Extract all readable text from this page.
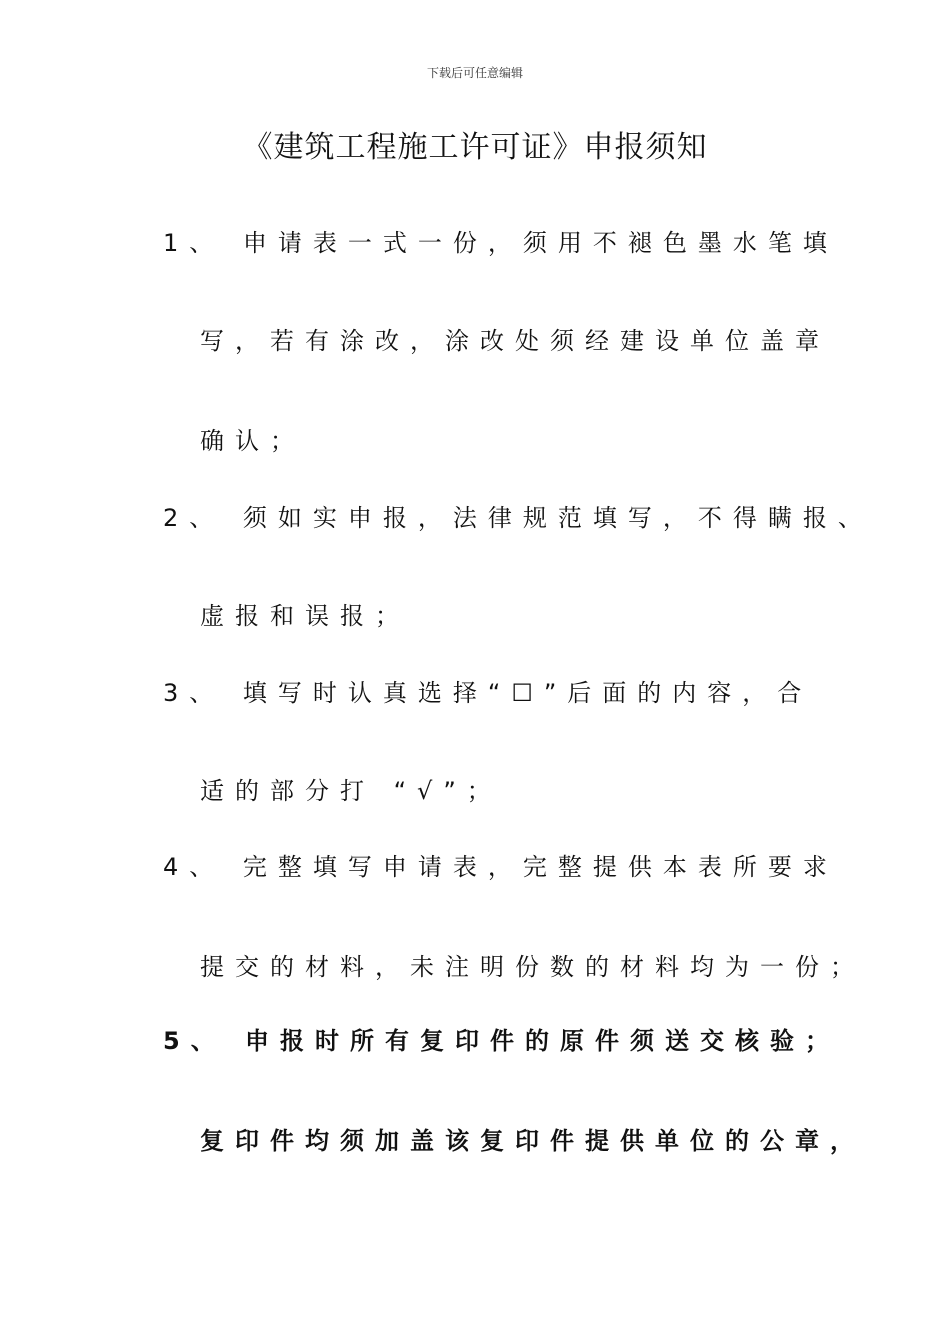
下载后可任意编辑
《建筑工程施工许可证》申报须知
1、 申请表一式一份，须用不褪色墨水笔填
写，若有涂改，涂改处须经建设单位盖章
确认；
2、 须如实申报，法律规范填写，不得瞒报、
虚报和误报；
3、 填写时认真选择“☐”后面的内容，合
适的部分打 “√”；
4、 完整填写申请表，完整提供本表所要求
提交的材料，未注明份数的材料均为一份；
5、 申报时所有复印件的原件须送交核验；
复印件均须加盖该复印件提供单位的公章，
